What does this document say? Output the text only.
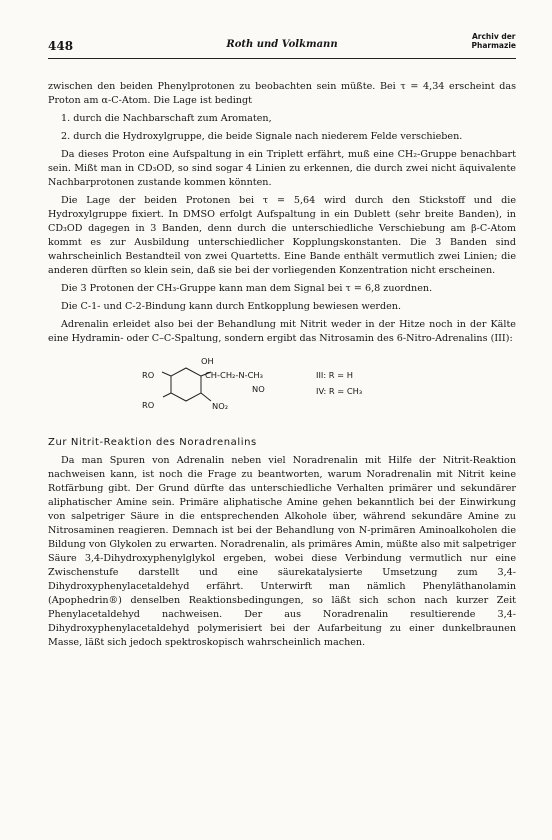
448	Roth und Volkmann
Archiv der
Pharmazie

zwischen den beiden Phenylprotonen zu beobachten sein müßte. Bei τ = 4,34 erscheint das Proton am α-C-Atom. Die Lage ist bedingt

1. durch die Nachbarschaft zum Aromaten,

2. durch die Hydroxylgruppe, die beide Signale nach niederem Felde verschieben.

Da dieses Proton eine Aufspaltung in ein Triplett erfährt, muß eine CH₂-Gruppe benachbart sein. Mißt man in CD₃OD, so sind sogar 4 Linien zu erkennen, die durch zwei nicht äquivalente Nachbarprotonen zustande kommen könnten.

Die Lage der beiden Protonen bei τ = 5,64 wird durch den Stickstoff und die Hydroxylgruppe fixiert. In DMSO erfolgt Aufspaltung in ein Dublett (sehr breite Banden), in CD₃OD dagegen in 3 Banden, denn durch die unterschiedliche Verschiebung am β-C-Atom kommt es zur Ausbildung unterschiedlicher Kopplungskonstanten. Die 3 Banden sind wahrscheinlich Bestandteil von zwei Quartetts. Eine Bande enthält vermutlich zwei Linien; die anderen dürften so klein sein, daß sie bei der vorliegenden Konzentration nicht erscheinen.

Die 3 Protonen der CH₃-Gruppe kann man dem Signal bei τ = 6,8 zuordnen.

Die C-1- und C-2-Bindung kann durch Entkopplung bewiesen werden.

Adrenalin erleidet also bei der Behandlung mit Nitrit weder in der Hitze noch in der Kälte eine Hydramin- oder C–C-Spaltung, sondern ergibt das Nitrosamin des 6-Nitro-Adrenalins (III):

OH
RO	CH-CH₂-N-CH₃
NO
RO	NO₂
III: R = H
IV: R = CH₃
Zur Nitrit-Reaktion des Noradrenalins

Da man Spuren von Adrenalin neben viel Noradrenalin mit Hilfe der Nitrit-Reaktion nachweisen kann, ist noch die Frage zu beantworten, warum Noradrenalin mit Nitrit keine Rotfärbung gibt. Der Grund dürfte das unterschiedliche Verhalten primärer und sekundärer aliphatischer Amine sein. Primäre aliphatische Amine gehen bekanntlich bei der Einwirkung von salpetriger Säure in die entsprechenden Alkohole über, während sekundäre Amine zu Nitrosaminen reagieren. Demnach ist bei der Behandlung von N-primären Aminoalkoholen die Bildung von Glykolen zu erwarten. Noradrenalin, als primäres Amin, müßte also mit salpetriger Säure 3,4-Dihydroxyphenylglykol ergeben, wobei diese Verbindung vermutlich nur eine Zwischenstufe darstellt und eine säurekatalysierte Umsetzung zum 3,4-Dihydroxyphenylacetaldehyd erfährt. Unterwirft man nämlich Phenyläthanolamin (Apophedrin®) denselben Reaktionsbedingungen, so läßt sich schon nach kurzer Zeit Phenylacetaldehyd nachweisen. Der aus Noradrenalin resultierende 3,4-Dihydroxyphenylacetaldehyd polymerisiert bei der Aufarbeitung zu einer dunkelbraunen Masse, läßt sich jedoch spektroskopisch wahrscheinlich machen.
